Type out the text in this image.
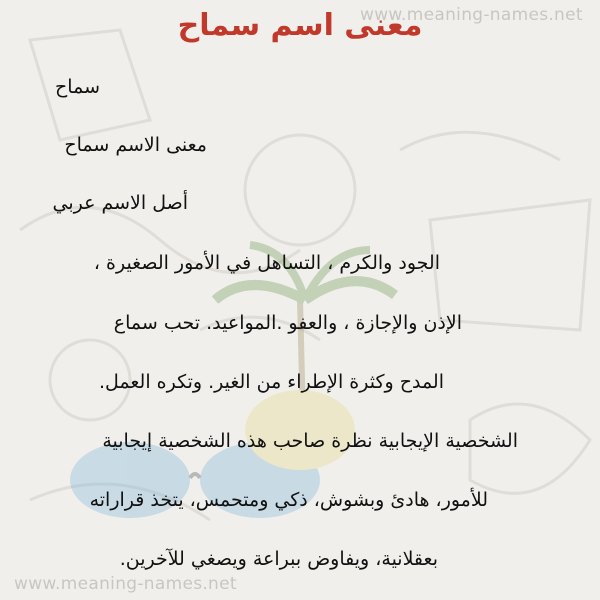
www.meaning-names.net
معنى اسم سماح
سماح
معنى الاسم سماح
أصل الاسم عربي
الجود والكرم ، التساهل في الأمور الصغيرة ،
الإذن والإجازة ، والعفو .المواعيد. تحب سماع
المدح وكثرة الإطراء من الغير. وتكره العمل.
الشخصية الإيجابية نظرة صاحب هذه الشخصية إيجابية
للأمور، هادئ وبشوش، ذكي ومتحمس، يتخذ قراراته
بعقلانية، ويفاوض ببراعة ويصغي للآخرين.
www.meaning-names.net
